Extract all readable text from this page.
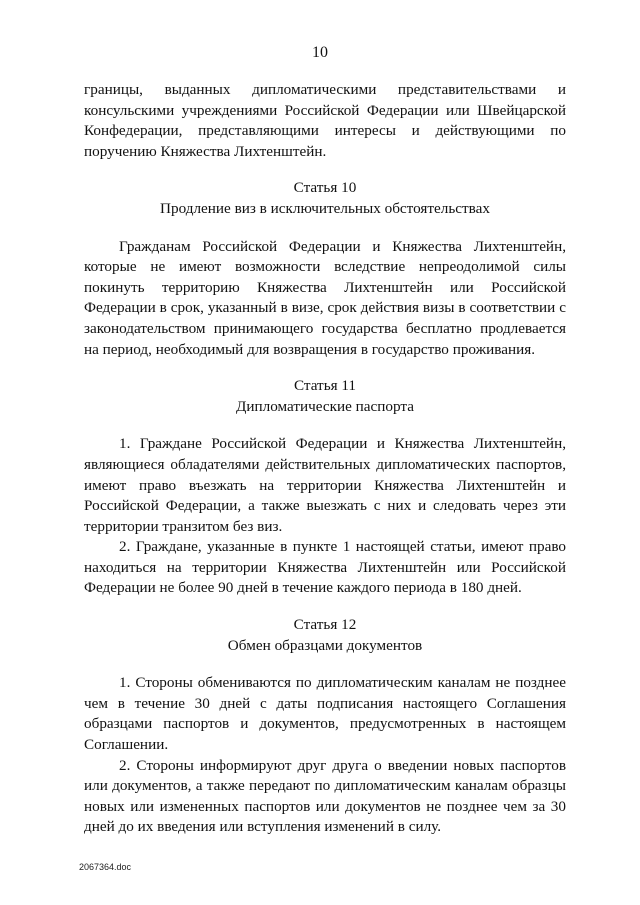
10

границы, выданных дипломатическими представительствами и консульскими учреждениями Российской Федерации или Швейцарской Конфедерации, представляющими интересы и действующими по поручению Княжества Лихтенштейн.

Статья 10

Продление виз в исключительных обстоятельствах

Гражданам Российской Федерации и Княжества Лихтенштейн, которые не имеют возможности вследствие непреодолимой силы покинуть территорию Княжества Лихтенштейн или Российской Федерации в срок, указанный в визе, срок действия визы в соответствии с законодательством принимающего государства бесплатно продлевается на период, необходимый для возвращения в государство проживания.

Статья 11

Дипломатические паспорта

1. Граждане Российской Федерации и Княжества Лихтенштейн, являющиеся обладателями действительных дипломатических паспортов, имеют право въезжать на территории Княжества Лихтенштейн и Российской Федерации, а также выезжать с них и следовать через эти территории транзитом без виз.

2. Граждане, указанные в пункте 1 настоящей статьи, имеют право находиться на территории Княжества Лихтенштейн или Российской Федерации не более 90 дней в течение каждого периода в 180 дней.

Статья 12

Обмен образцами документов

1. Стороны обмениваются по дипломатическим каналам не позднее чем в течение 30 дней с даты подписания настоящего Соглашения образцами паспортов и документов, предусмотренных в настоящем Соглашении.

2. Стороны информируют друг друга о введении новых паспортов или документов, а также передают по дипломатическим каналам образцы новых или измененных паспортов или документов не позднее чем за 30 дней до их введения или вступления изменений в силу.

2067364.doc
